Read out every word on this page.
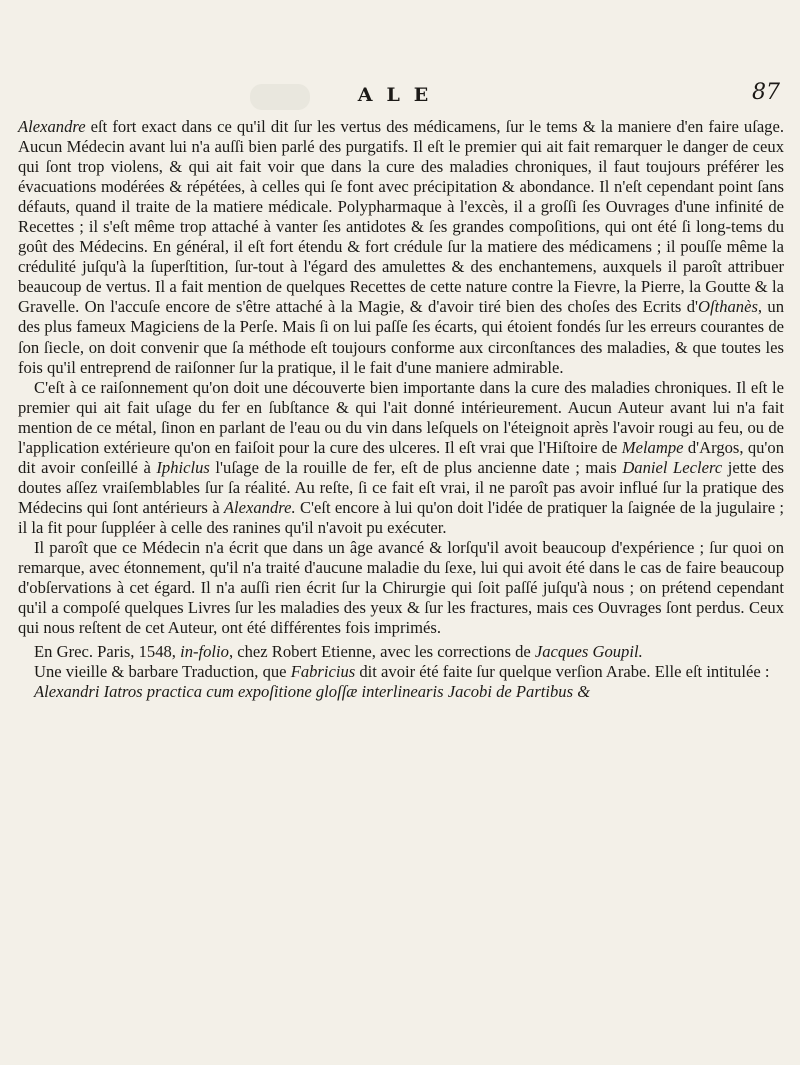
ALE	87

Alexandre eſt fort exact dans ce qu'il dit ſur les vertus des médicamens, ſur le tems & la maniere d'en faire uſage. Aucun Médecin avant lui n'a auſſi bien parlé des purgatifs. Il eſt le premier qui ait fait remarquer le danger de ceux qui ſont trop violens, & qui ait fait voir que dans la cure des maladies chroniques, il faut toujours préférer les évacuations modérées & répétées, à celles qui ſe font avec précipitation & abondance. Il n'eſt cependant point ſans défauts, quand il traite de la matiere médicale. Polypharmaque à l'excès, il a groſſi ſes Ouvrages d'une infinité de Recettes ; il s'eſt même trop attaché à vanter ſes antidotes & ſes grandes compoſitions, qui ont été ſi long-tems du goût des Médecins. En général, il eſt fort étendu & fort crédule ſur la matiere des médicamens ; il pouſſe même la crédulité juſqu'à la ſuperſtition, ſur-tout à l'égard des amulettes & des enchantemens, auxquels il paroît attribuer beaucoup de vertus. Il a fait mention de quelques Recettes de cette nature contre la Fievre, la Pierre, la Goutte & la Gravelle. On l'accuſe encore de s'être attaché à la Magie, & d'avoir tiré bien des choſes des Ecrits d'Oſthanès, un des plus fameux Magiciens de la Perſe. Mais ſi on lui paſſe ſes écarts, qui étoient fondés ſur les erreurs courantes de ſon ſiecle, on doit convenir que ſa méthode eſt toujours conforme aux circonſtances des maladies, & que toutes les fois qu'il entreprend de raiſonner ſur la pratique, il le fait d'une maniere admirable.

C'eſt à ce raiſonnement qu'on doit une découverte bien importante dans la cure des maladies chroniques. Il eſt le premier qui ait fait uſage du fer en ſubſtance & qui l'ait donné intérieurement. Aucun Auteur avant lui n'a fait mention de ce métal, ſinon en parlant de l'eau ou du vin dans leſquels on l'éteignoit après l'avoir rougi au feu, ou de l'application extérieure qu'on en faiſoit pour la cure des ulceres. Il eſt vrai que l'Hiſtoire de Melampe d'Argos, qu'on dit avoir conſeillé à Iphiclus l'uſage de la rouille de fer, eſt de plus ancienne date ; mais Daniel Leclerc jette des doutes aſſez vraiſemblables ſur ſa réalité. Au reſte, ſi ce fait eſt vrai, il ne paroît pas avoir influé ſur la pratique des Médecins qui ſont antérieurs à Alexandre. C'eſt encore à lui qu'on doit l'idée de pratiquer la ſaignée de la jugulaire ; il la fit pour ſuppléer à celle des ranines qu'il n'avoit pu exécuter.

Il paroît que ce Médecin n'a écrit que dans un âge avancé & lorſqu'il avoit beaucoup d'expérience ; ſur quoi on remarque, avec étonnement, qu'il n'a traité d'aucune maladie du ſexe, lui qui avoit été dans le cas de faire beaucoup d'obſervations à cet égard. Il n'a auſſi rien écrit ſur la Chirurgie qui ſoit paſſé juſqu'à nous ; on prétend cependant qu'il a compoſé quelques Livres ſur les maladies des yeux & ſur les fractures, mais ces Ouvrages ſont perdus. Ceux qui nous reſtent de cet Auteur, ont été différentes fois imprimés.

En Grec. Paris, 1548, in-folio, chez Robert Etienne, avec les corrections de Jacques Goupil.

Une vieille & barbare Traduction, que Fabricius dit avoir été faite ſur quelque verſion Arabe. Elle eſt intitulée :

Alexandri Iatros practica cum expoſitione gloſſæ interlinearis Jacobi de Partibus &
